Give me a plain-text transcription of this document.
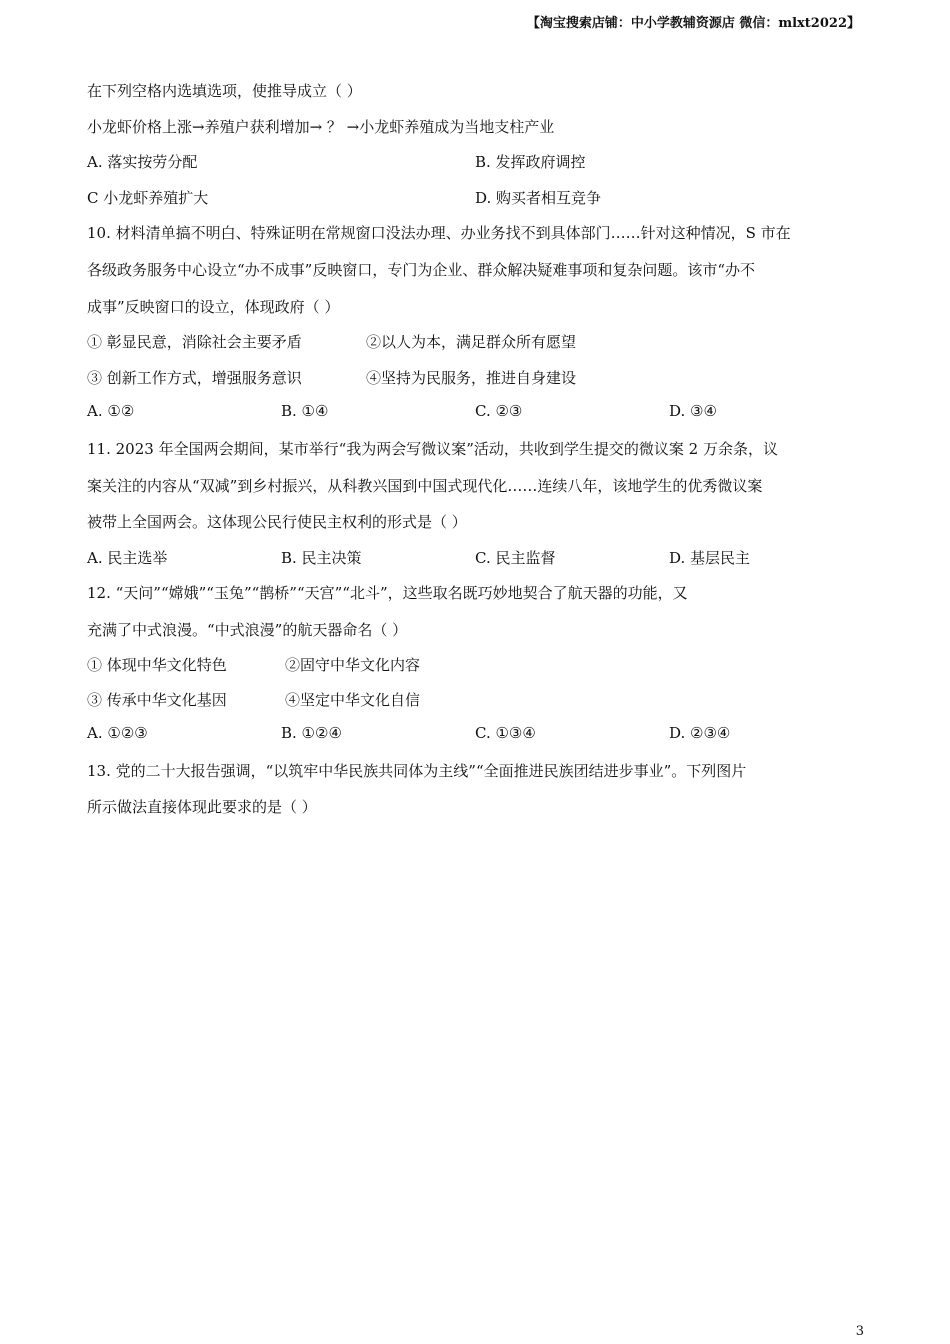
【淘宝搜索店铺：中小学教辅资源店 微信：mlxt2022】
在下列空格内选填选项，使推导成立（ ）
小龙虾价格上涨→养殖户获利增加→ ？ →小龙虾养殖成为当地支柱产业
A. 落实按劳分配	B. 发挥政府调控
C 小龙虾养殖扩大	D. 购买者相互竞争
10. 材料清单搞不明白、特殊证明在常规窗口没法办理、办业务找不到具体部门……针对这种情况，S 市在
各级政务服务中心设立“办不成事”反映窗口，专门为企业、群众解决疑难事项和复杂问题。该市“办不
成事”反映窗口的设立，体现政府（ ）
① 彰显民意，消除社会主要矛盾	②以人为本，满足群众所有愿望
③ 创新工作方式，增强服务意识	④坚持为民服务，推进自身建设
A. ①②	B. ①④	C. ②③	D. ③④
11. 2023 年全国两会期间，某市举行“我为两会写微议案”活动，共收到学生提交的微议案 2 万余条，议
案关注的内容从“双减”到乡村振兴，从科教兴国到中国式现代化……连续八年，该地学生的优秀微议案
被带上全国两会。这体现公民行使民主权利的形式是（ ）
A. 民主选举	B. 民主决策	C. 民主监督	D. 基层民主
12. “天问”“嫦娥”“玉兔”“鹊桥”“天宫”“北斗”，这些取名既巧妙地契合了航天器的功能，又
充满了中式浪漫。“中式浪漫”的航天器命名（ ）
① 体现中华文化特色	②固守中华文化内容
③ 传承中华文化基因	④坚定中华文化自信
A. ①②③	B. ①②④	C. ①③④	D. ②③④
13. 党的二十大报告强调，“以筑牢中华民族共同体为主线”“全面推进民族团结进步事业”。下列图片
所示做法直接体现此要求的是（ ）
3
